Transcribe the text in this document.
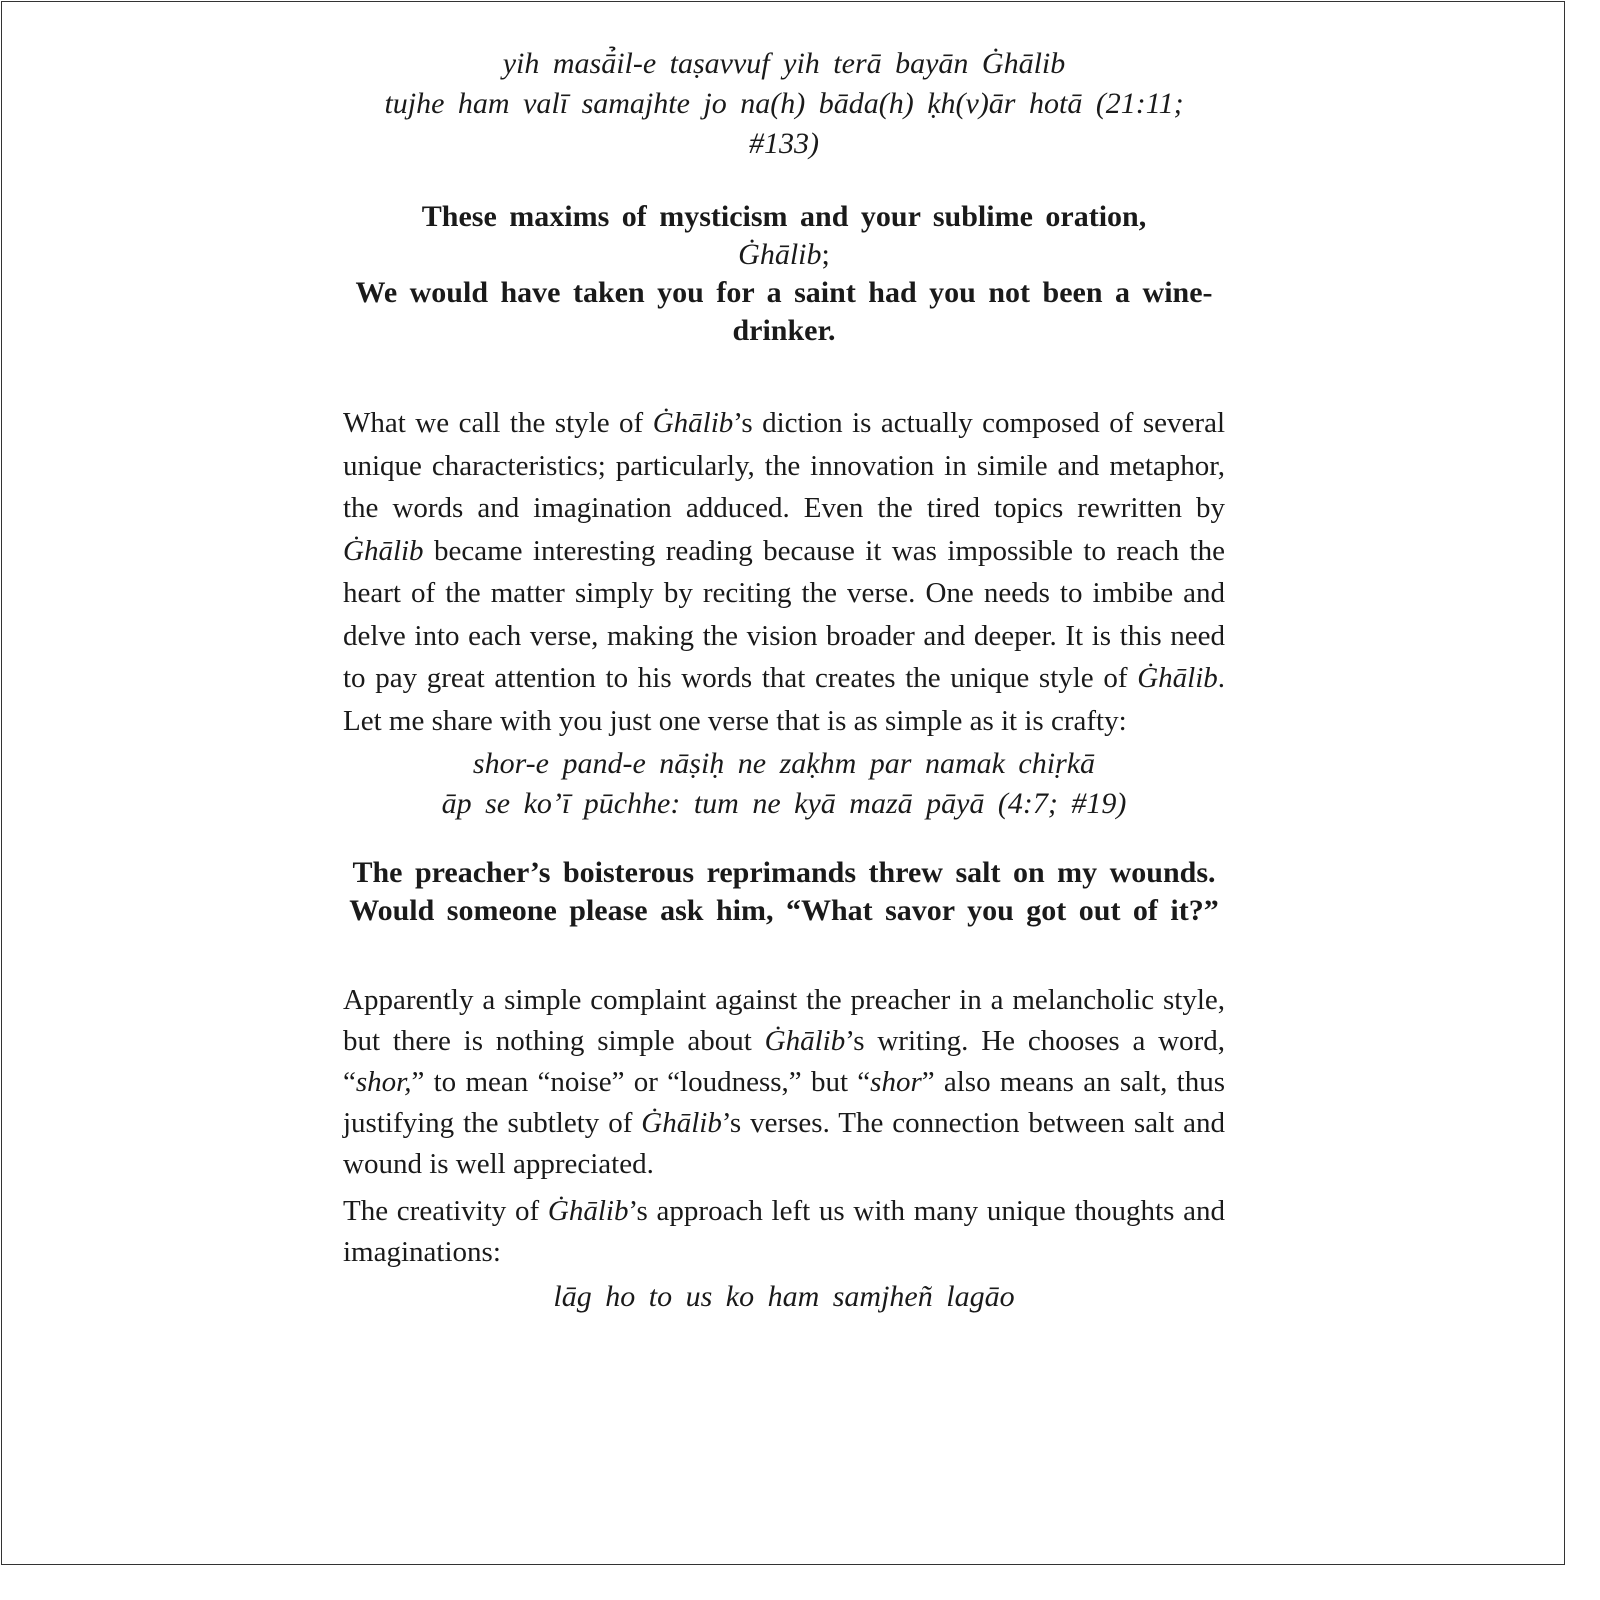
yih masā̉il-e taṣavvuf yih terā bayān Ġhālib

tujhe ham valī samajhte jo na(h) bāda(h) ḳh(v)ār hotā (21:11; #133)

These maxims of mysticism and your sublime oration,

Ġhālib;

We would have taken you for a saint had you not been a wine-drinker.

What we call the style of Ġhālib’s diction is actually composed of several unique characteristics; particularly, the innovation in simile and metaphor, the words and imagination adduced. Even the tired topics rewritten by Ġhālib became interesting reading because it was impossible to reach the heart of the matter simply by reciting the verse. One needs to imbibe and delve into each verse, making the vision broader and deeper. It is this need to pay great attention to his words that creates the unique style of Ġhālib. Let me share with you just one verse that is as simple as it is crafty:

shor-e pand-e nāṣiḥ ne zaḳhm par namak chiṛkā

āp se ko’ī pūchhe: tum ne kyā mazā pāyā (4:7; #19)

The preacher’s boisterous reprimands threw salt on my wounds.

Would someone please ask him, “What savor you got out of it?”

Apparently a simple complaint against the preacher in a melancholic style, but there is nothing simple about Ġhālib’s writing. He chooses a word, “shor,” to mean “noise” or “loudness,” but “shor” also means an salt, thus justifying the subtlety of Ġhālib’s verses. The connection between salt and wound is well appreciated.

The creativity of Ġhālib’s approach left us with many unique thoughts and imaginations:

lāg ho to us ko ham samjheñ lagāo
